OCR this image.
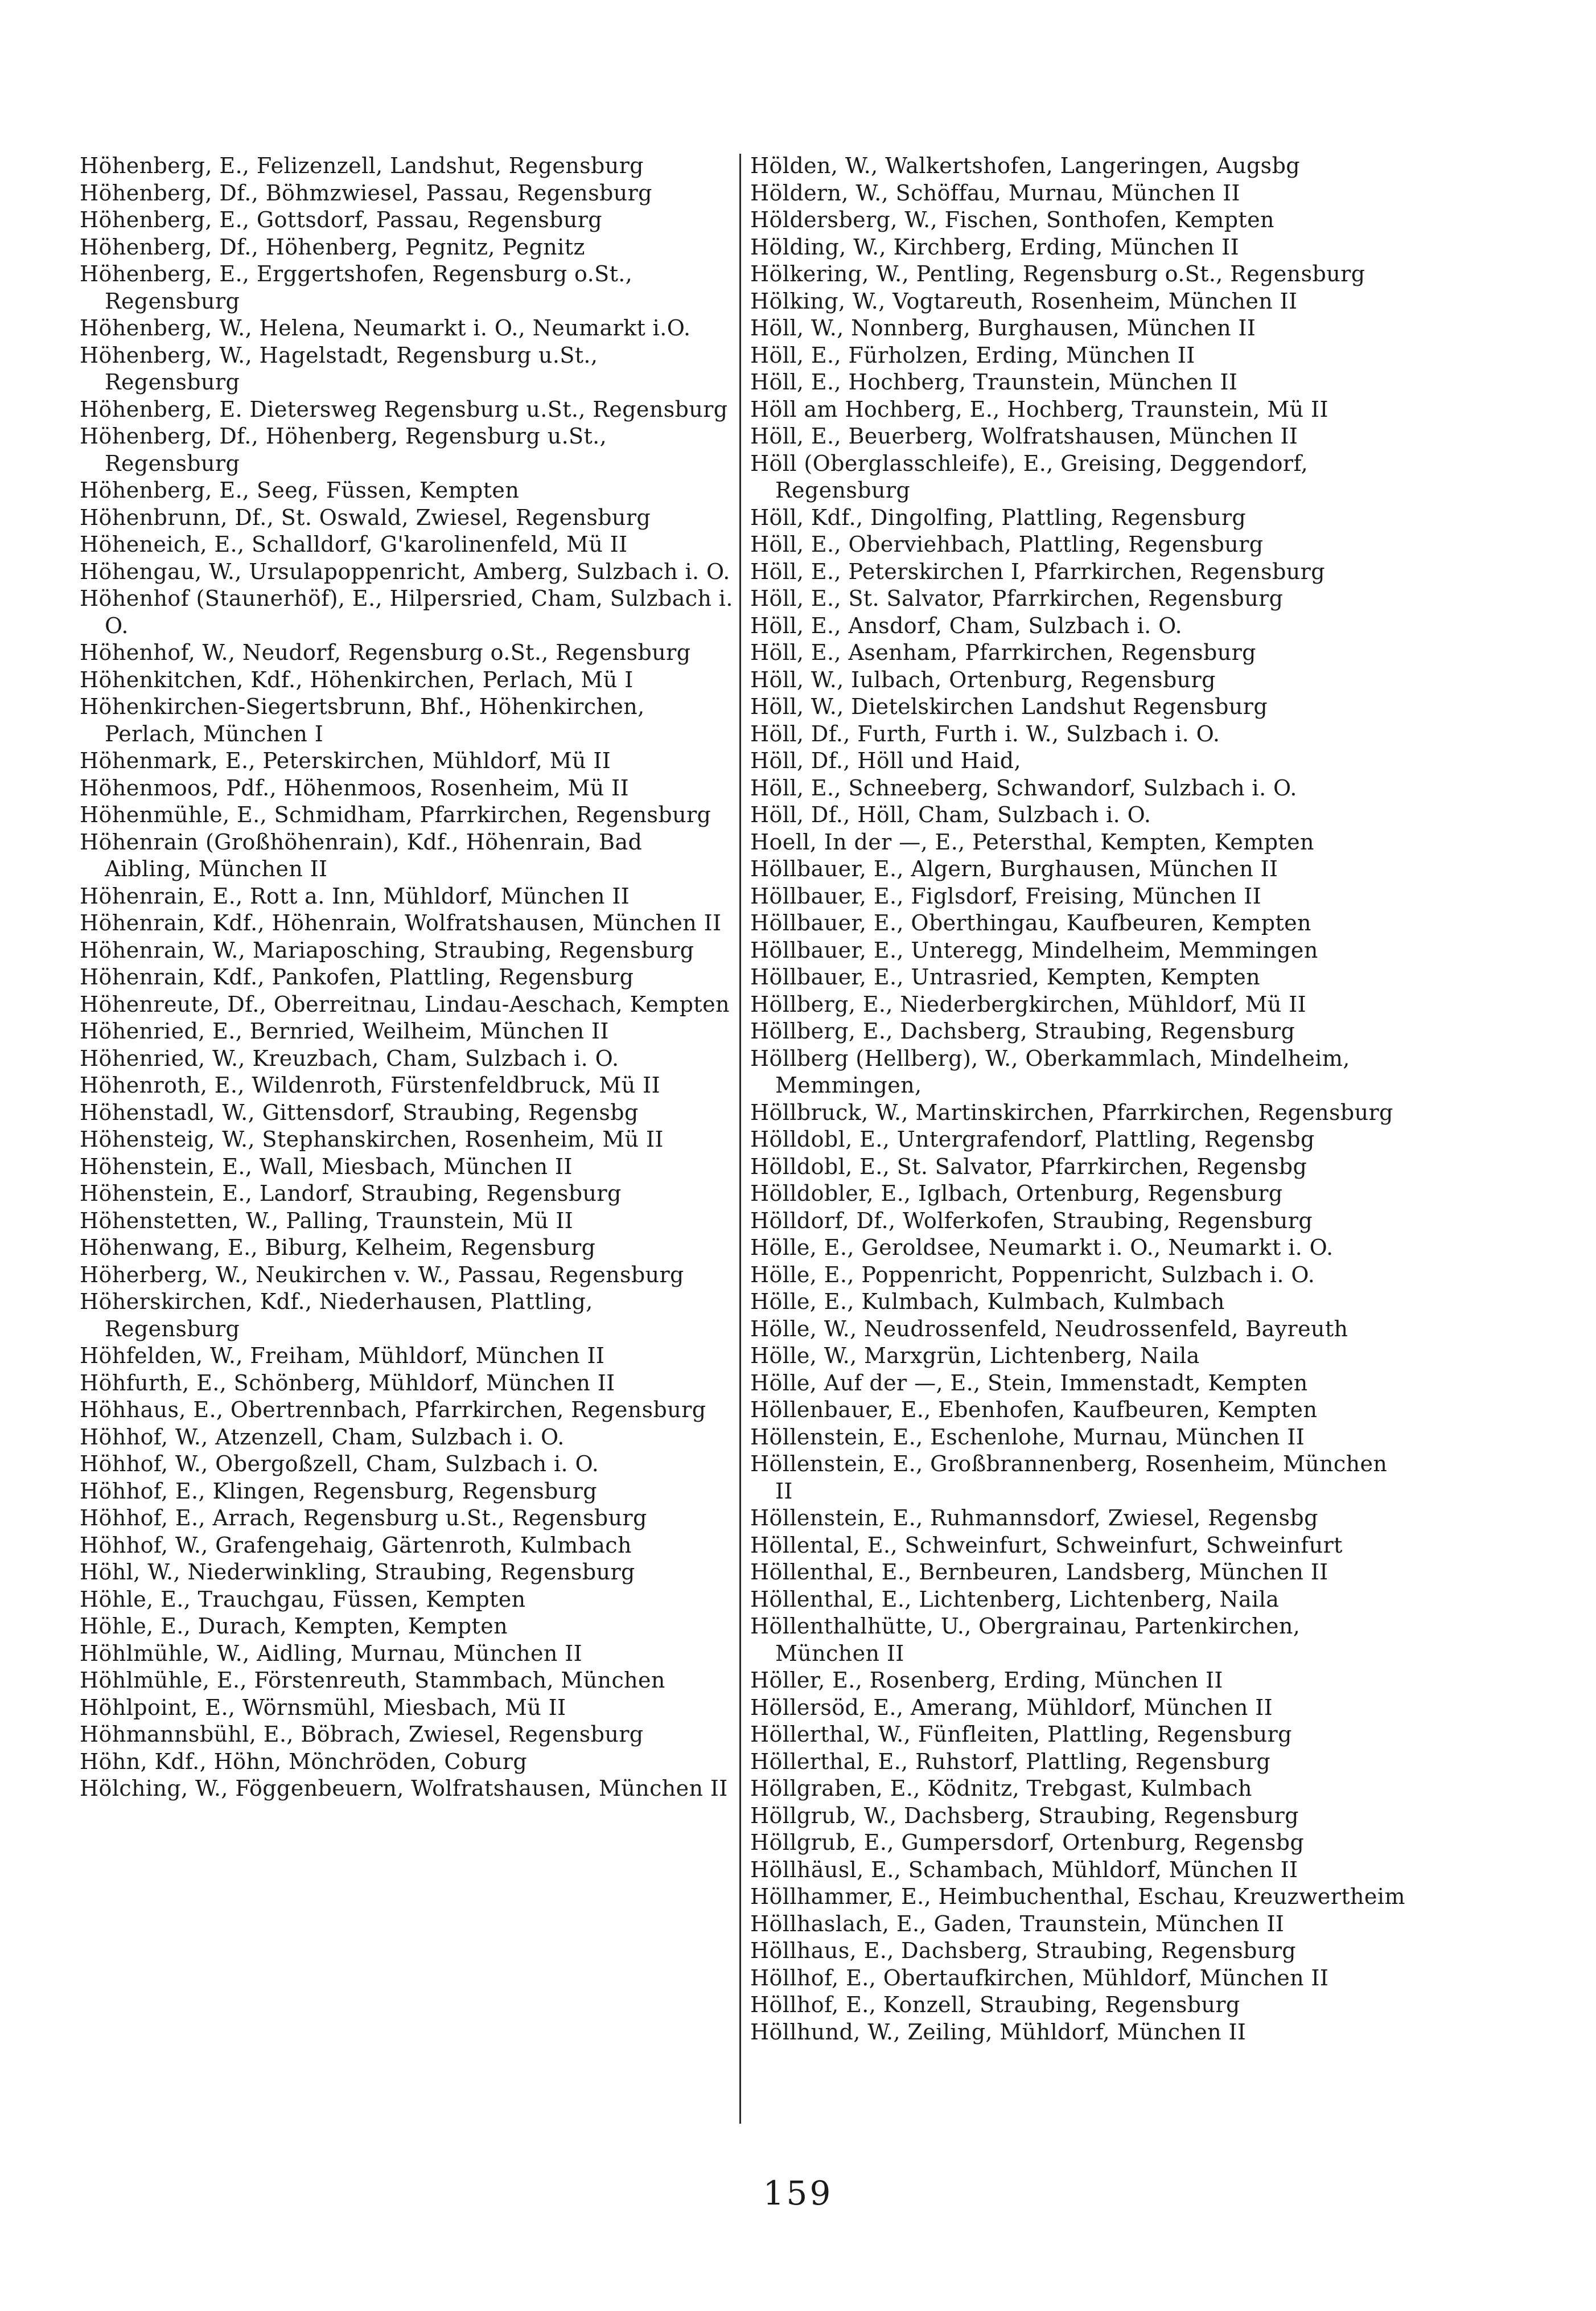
Höhenberg, E., Felizenzell, Landshut, Regensburg
Höhenberg, Df., Böhmzwiesel, Passau, Regensburg
Höhenberg, E., Gottsdorf, Passau, Regensburg
Höhenberg, Df., Höhenberg, Pegnitz, Pegnitz
Höhenberg, E., Erggertshofen, Regensburg o.St., Regensburg
Höhenberg, W., Helena, Neumarkt i. O., Neumarkt i.O.
Höhenberg, W., Hagelstadt, Regensburg u.St., Regensburg
Höhenberg, E. Dietersweg Regensburg u.St., Regensburg
Höhenberg, Df., Höhenberg, Regensburg u.St., Regensburg
Höhenberg, E., Seeg, Füssen, Kempten
Höhenbrunn, Df., St. Oswald, Zwiesel, Regensburg
Höheneich, E., Schalldorf, G'karolinenfeld, Mü II
Höhengau, W., Ursulapoppenricht, Amberg, Sulzbach i. O.
Höhenhof (Staunerhöf), E., Hilpersried, Cham, Sulzbach i. O.
Höhenhof, W., Neudorf, Regensburg o.St., Regensburg
Höhenkitchen, Kdf., Höhenkirchen, Perlach, Mü I
Höhenkirchen-Siegertsbrunn, Bhf., Höhenkirchen, Perlach, München I
Höhenmark, E., Peterskirchen, Mühldorf, Mü II
Höhenmoos, Pdf., Höhenmoos, Rosenheim, Mü II
Höhenmühle, E., Schmidham, Pfarrkirchen, Regensburg
Höhenrain (Großhöhenrain), Kdf., Höhenrain, Bad Aibling, München II
Höhenrain, E., Rott a. Inn, Mühldorf, München II
Höhenrain, Kdf., Höhenrain, Wolfratshausen, München II
Höhenrain, W., Mariaposching, Straubing, Regensburg
Höhenrain, Kdf., Pankofen, Plattling, Regensburg
Höhenreute, Df., Oberreitnau, Lindau-Aeschach, Kempten
Höhenried, E., Bernried, Weilheim, München II
Höhenried, W., Kreuzbach, Cham, Sulzbach i. O.
Höhenroth, E., Wildenroth, Fürstenfeldbruck, Mü II
Höhenstadl, W., Gittensdorf, Straubing, Regensbg
Höhensteig, W., Stephanskirchen, Rosenheim, Mü II
Höhenstein, E., Wall, Miesbach, München II
Höhenstein, E., Landorf, Straubing, Regensburg
Höhenstetten, W., Palling, Traunstein, Mü II
Höhenwang, E., Biburg, Kelheim, Regensburg
Höherberg, W., Neukirchen v. W., Passau, Regensburg
Höherskirchen, Kdf., Niederhausen, Plattling, Regensburg
Höhfelden, W., Freiham, Mühldorf, München II
Höhfurth, E., Schönberg, Mühldorf, München II
Höhhaus, E., Obertrennbach, Pfarrkirchen, Regensburg
Höhhof, W., Atzenzell, Cham, Sulzbach i. O.
Höhhof, W., Obergoßzell, Cham, Sulzbach i. O.
Höhhof, E., Klingen, Regensburg, Regensburg
Höhhof, E., Arrach, Regensburg u.St., Regensburg
Höhhof, W., Grafengehaig, Gärtenroth, Kulmbach
Höhl, W., Niederwinkling, Straubing, Regensburg
Höhle, E., Trauchgau, Füssen, Kempten
Höhle, E., Durach, Kempten, Kempten
Höhlmühle, W., Aidling, Murnau, München II
Höhlmühle, E., Förstenreuth, Stammbach, München
Höhlpoint, E., Wörnsmühl, Miesbach, Mü II
Höhmannsbühl, E., Böbrach, Zwiesel, Regensburg
Höhn, Kdf., Höhn, Mönchröden, Coburg
Hölching, W., Föggenbeuern, Wolfratshausen, München II
Hölden, W., Walkertshofen, Langeringen, Augsbg
Höldern, W., Schöffau, Murnau, München II
Höldersberg, W., Fischen, Sonthofen, Kempten
Hölding, W., Kirchberg, Erding, München II
Hölkering, W., Pentling, Regensburg o.St., Regensburg
Hölking, W., Vogtareuth, Rosenheim, München II
Höll, W., Nonnberg, Burghausen, München II
Höll, E., Fürholzen, Erding, München II
Höll, E., Hochberg, Traunstein, München II
Höll am Hochberg, E., Hochberg, Traunstein, Mü II
Höll, E., Beuerberg, Wolfratshausen, München II
Höll (Oberglasschleife), E., Greising, Deggendorf, Regensburg
Höll, Kdf., Dingolfing, Plattling, Regensburg
Höll, E., Oberviehbach, Plattling, Regensburg
Höll, E., Peterskirchen I, Pfarrkirchen, Regensburg
Höll, E., St. Salvator, Pfarrkirchen, Regensburg
Höll, E., Ansdorf, Cham, Sulzbach i. O.
Höll, E., Asenham, Pfarrkirchen, Regensburg
Höll, W., Iulbach, Ortenburg, Regensburg
Höll, W., Dietelskirchen Landshut Regensburg
Höll, Df., Furth, Furth i. W., Sulzbach i. O.
Höll, Df., Höll und Haid,
Höll, E., Schneeberg, Schwandorf, Sulzbach i. O.
Höll, Df., Höll, Cham, Sulzbach i. O.
Hoell, In der —, E., Petersthal, Kempten, Kempten
Höllbauer, E., Algern, Burghausen, München II
Höllbauer, E., Figlsdorf, Freising, München II
Höllbauer, E., Oberthingau, Kaufbeuren, Kempten
Höllbauer, E., Unteregg, Mindelheim, Memmingen
Höllbauer, E., Untrasried, Kempten, Kempten
Höllberg, E., Niederbergkirchen, Mühldorf, Mü II
Höllberg, E., Dachsberg, Straubing, Regensburg
Höllberg (Hellberg), W., Oberkammlach, Mindelheim, Memmingen,
Höllbruck, W., Martinskirchen, Pfarrkirchen, Regensburg
Hölldobl, E., Untergrafendorf, Plattling, Regensbg
Hölldobl, E., St. Salvator, Pfarrkirchen, Regensbg
Hölldobler, E., Iglbach, Ortenburg, Regensburg
Hölldorf, Df., Wolferkofen, Straubing, Regensburg
Hölle, E., Geroldsee, Neumarkt i. O., Neumarkt i. O.
Hölle, E., Poppenricht, Poppenricht, Sulzbach i. O.
Hölle, E., Kulmbach, Kulmbach, Kulmbach
Hölle, W., Neudrossenfeld, Neudrossenfeld, Bayreuth
Hölle, W., Marxgrün, Lichtenberg, Naila
Hölle, Auf der —, E., Stein, Immenstadt, Kempten
Höllenbauer, E., Ebenhofen, Kaufbeuren, Kempten
Höllenstein, E., Eschenlohe, Murnau, München II
Höllenstein, E., Großbrannenberg, Rosenheim, München II
Höllenstein, E., Ruhmannsdorf, Zwiesel, Regensbg
Höllental, E., Schweinfurt, Schweinfurt, Schweinfurt
Höllenthal, E., Bernbeuren, Landsberg, München II
Höllenthal, E., Lichtenberg, Lichtenberg, Naila
Höllenthalhütte, U., Obergrainau, Partenkirchen, München II
Höller, E., Rosenberg, Erding, München II
Höllersöd, E., Amerang, Mühldorf, München II
Höllerthal, W., Fünfleiten, Plattling, Regensburg
Höllerthal, E., Ruhstorf, Plattling, Regensburg
Höllgraben, E., Ködnitz, Trebgast, Kulmbach
Höllgrub, W., Dachsberg, Straubing, Regensburg
Höllgrub, E., Gumpersdorf, Ortenburg, Regensbg
Höllhäusl, E., Schambach, Mühldorf, München II
Höllhammer, E., Heimbuchenthal, Eschau, Kreuzwertheim
Höllhaslach, E., Gaden, Traunstein, München II
Höllhaus, E., Dachsberg, Straubing, Regensburg
Höllhof, E., Obertaufkirchen, Mühldorf, München II
Höllhof, E., Konzell, Straubing, Regensburg
Höllhund, W., Zeiling, Mühldorf, München II
159
